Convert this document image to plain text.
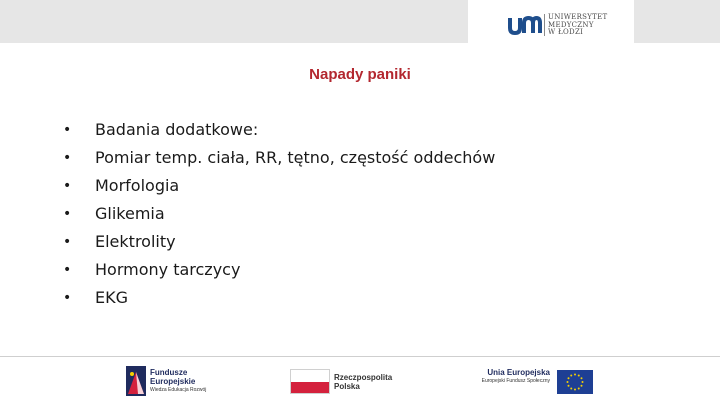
UNIWERSYTET
MEDYCZNY
W ŁODZI
Napady paniki
• Badania dodatkowe:
• Pomiar temp. ciała, RR, tętno, częstość oddechów
• Morfologia
• Glikemia
• Elektrolity
• Hormony tarczycy
• EKG
Fundusze
Europejskie
Wiedza Edukacja Rozwój
Rzeczpospolita
Polska
Unia Europejska
Europejski Fundusz Społeczny
